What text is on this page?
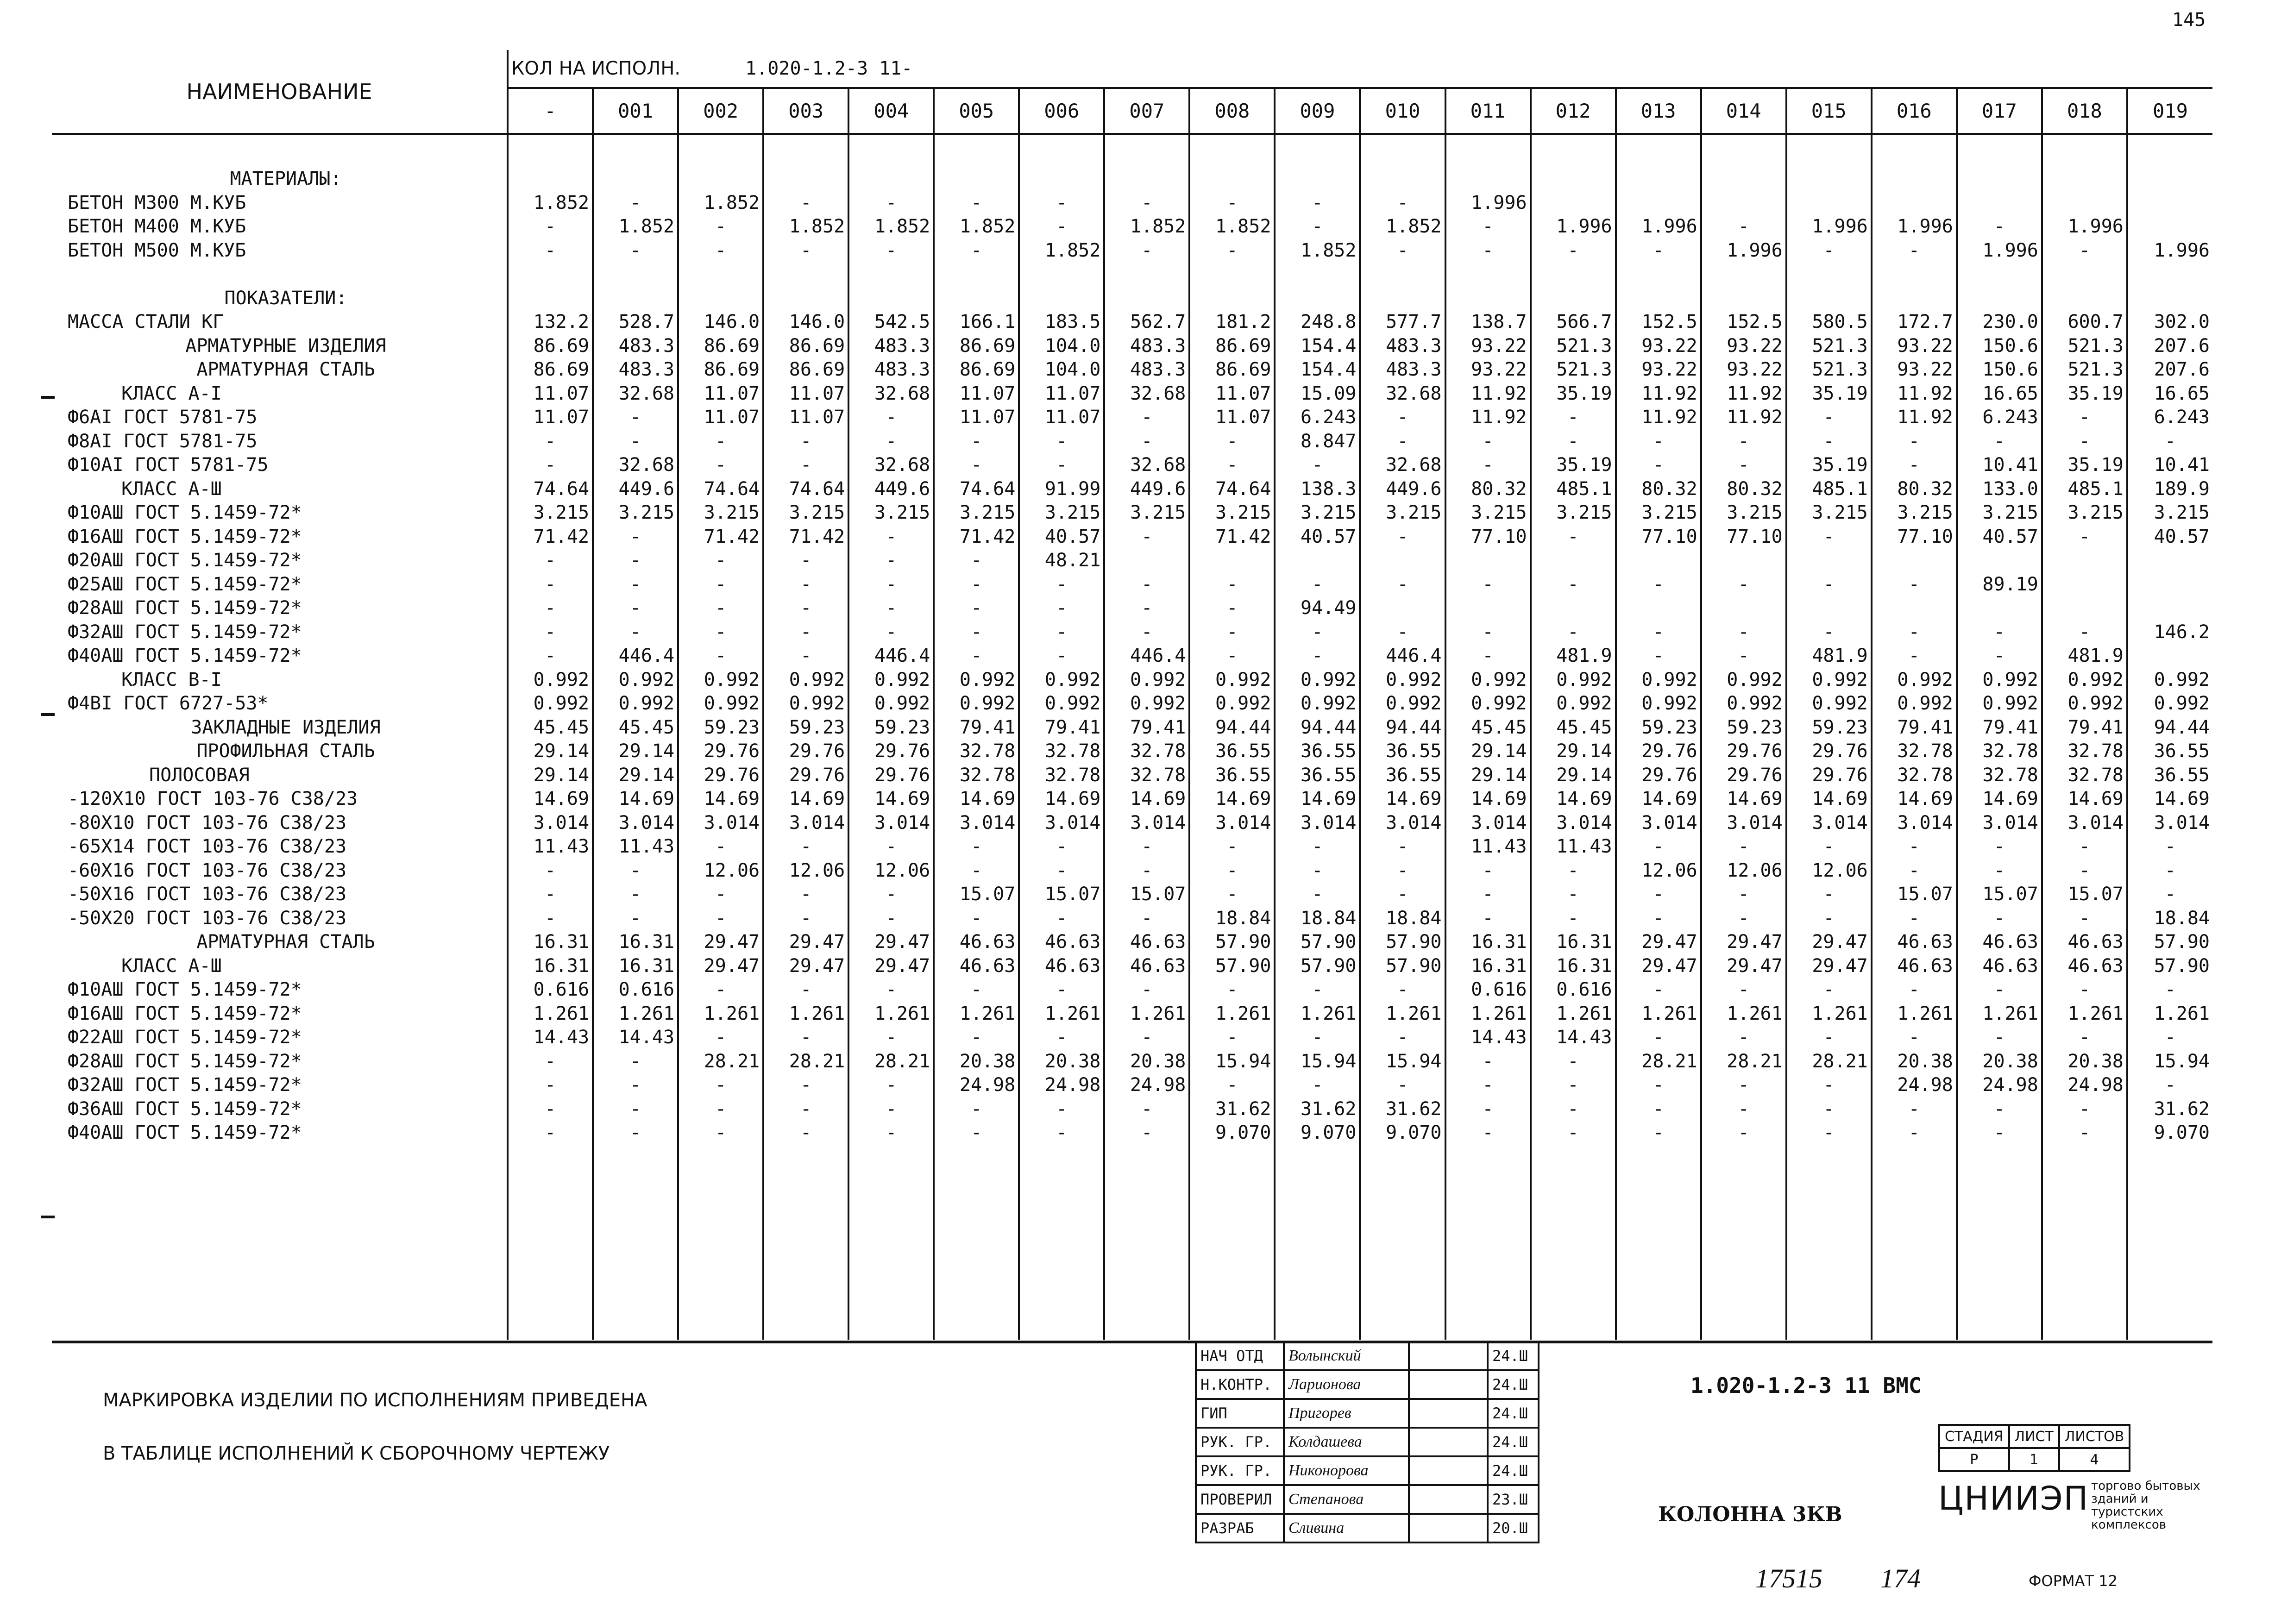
145
НАИМЕНОВАНИЕ	КОЛ НА ИСПОЛН. 1.020-1.2-3 11-																			
	-	001	002	003	004	005	006	007	008	009	010	011	012	013	014	015	016	017	018	019

МАТЕРИАЛЫ:																				
БЕТОН М300 М.КУБ	1.852	-	1.852	-	-	-	-	-	-	-	-	1.996								
БЕТОН М400 М.КУБ	-	1.852	-	1.852	1.852	1.852	-	1.852	1.852	-	1.852	-	1.996	1.996	-	1.996	1.996	-	1.996	
БЕТОН М500 М.КУБ	-	-	-	-	-	-	1.852	-	-	1.852	-	-	-	-	1.996	-	-	1.996	-	1.996

ПОКАЗАТЕЛИ:																				
МАССА СТАЛИ КГ	132.2	528.7	146.0	146.0	542.5	166.1	183.5	562.7	181.2	248.8	577.7	138.7	566.7	152.5	152.5	580.5	172.7	230.0	600.7	302.0
АРМАТУРНЫЕ ИЗДЕЛИЯ	86.69	483.3	86.69	86.69	483.3	86.69	104.0	483.3	86.69	154.4	483.3	93.22	521.3	93.22	93.22	521.3	93.22	150.6	521.3	207.6
АРМАТУРНАЯ СТАЛЬ	86.69	483.3	86.69	86.69	483.3	86.69	104.0	483.3	86.69	154.4	483.3	93.22	521.3	93.22	93.22	521.3	93.22	150.6	521.3	207.6
КЛАСС А-I	11.07	32.68	11.07	11.07	32.68	11.07	11.07	32.68	11.07	15.09	32.68	11.92	35.19	11.92	11.92	35.19	11.92	16.65	35.19	16.65
Ф6АI ГОСТ 5781-75	11.07	-	11.07	11.07	-	11.07	11.07	-	11.07	6.243	-	11.92	-	11.92	11.92	-	11.92	6.243	-	6.243
Ф8АI ГОСТ 5781-75	-	-	-	-	-	-	-	-	-	8.847	-	-	-	-	-	-	-	-	-	-
Ф10АI ГОСТ 5781-75	-	32.68	-	-	32.68	-	-	32.68	-	-	32.68	-	35.19	-	-	35.19	-	10.41	35.19	10.41
КЛАСС А-Ш	74.64	449.6	74.64	74.64	449.6	74.64	91.99	449.6	74.64	138.3	449.6	80.32	485.1	80.32	80.32	485.1	80.32	133.0	485.1	189.9
Ф10АШ ГОСТ 5.1459-72*	3.215	3.215	3.215	3.215	3.215	3.215	3.215	3.215	3.215	3.215	3.215	3.215	3.215	3.215	3.215	3.215	3.215	3.215	3.215	3.215
Ф16АШ ГОСТ 5.1459-72*	71.42	-	71.42	71.42	-	71.42	40.57	-	71.42	40.57	-	77.10	-	77.10	77.10	-	77.10	40.57	-	40.57
Ф20АШ ГОСТ 5.1459-72*	-	-	-	-	-	-	48.21													
Ф25АШ ГОСТ 5.1459-72*	-	-	-	-	-	-	-	-	-	-	-	-	-	-	-	-	-	89.19		
Ф28АШ ГОСТ 5.1459-72*	-	-	-	-	-	-	-	-	-	94.49										
Ф32АШ ГОСТ 5.1459-72*	-	-	-	-	-	-	-	-	-	-	-	-	-	-	-	-	-	-	-	146.2
Ф40АШ ГОСТ 5.1459-72*	-	446.4	-	-	446.4	-	-	446.4	-	-	446.4	-	481.9	-	-	481.9	-	-	481.9	
КЛАСС В-I	0.992	0.992	0.992	0.992	0.992	0.992	0.992	0.992	0.992	0.992	0.992	0.992	0.992	0.992	0.992	0.992	0.992	0.992	0.992	0.992
Ф4ВI ГОСТ 6727-53*	0.992	0.992	0.992	0.992	0.992	0.992	0.992	0.992	0.992	0.992	0.992	0.992	0.992	0.992	0.992	0.992	0.992	0.992	0.992	0.992
ЗАКЛАДНЫЕ ИЗДЕЛИЯ	45.45	45.45	59.23	59.23	59.23	79.41	79.41	79.41	94.44	94.44	94.44	45.45	45.45	59.23	59.23	59.23	79.41	79.41	79.41	94.44
ПРОФИЛЬНАЯ СТАЛЬ	29.14	29.14	29.76	29.76	29.76	32.78	32.78	32.78	36.55	36.55	36.55	29.14	29.14	29.76	29.76	29.76	32.78	32.78	32.78	36.55
ПОЛОСОВАЯ	29.14	29.14	29.76	29.76	29.76	32.78	32.78	32.78	36.55	36.55	36.55	29.14	29.14	29.76	29.76	29.76	32.78	32.78	32.78	36.55
-120Х10 ГОСТ 103-76 С38/23	14.69	14.69	14.69	14.69	14.69	14.69	14.69	14.69	14.69	14.69	14.69	14.69	14.69	14.69	14.69	14.69	14.69	14.69	14.69	14.69
-80Х10 ГОСТ 103-76 С38/23	3.014	3.014	3.014	3.014	3.014	3.014	3.014	3.014	3.014	3.014	3.014	3.014	3.014	3.014	3.014	3.014	3.014	3.014	3.014	3.014
-65Х14 ГОСТ 103-76 С38/23	11.43	11.43	-	-	-	-	-	-	-	-	-	11.43	11.43	-	-	-	-	-	-	-
-60Х16 ГОСТ 103-76 С38/23	-	-	12.06	12.06	12.06	-	-	-	-	-	-	-	-	12.06	12.06	12.06	-	-	-	-
-50Х16 ГОСТ 103-76 С38/23	-	-	-	-	-	15.07	15.07	15.07	-	-	-	-	-	-	-	-	15.07	15.07	15.07	-
-50Х20 ГОСТ 103-76 С38/23	-	-	-	-	-	-	-	-	18.84	18.84	18.84	-	-	-	-	-	-	-	-	18.84
АРМАТУРНАЯ СТАЛЬ	16.31	16.31	29.47	29.47	29.47	46.63	46.63	46.63	57.90	57.90	57.90	16.31	16.31	29.47	29.47	29.47	46.63	46.63	46.63	57.90
КЛАСС А-Ш	16.31	16.31	29.47	29.47	29.47	46.63	46.63	46.63	57.90	57.90	57.90	16.31	16.31	29.47	29.47	29.47	46.63	46.63	46.63	57.90
Ф10АШ ГОСТ 5.1459-72*	0.616	0.616	-	-	-	-	-	-	-	-	-	0.616	0.616	-	-	-	-	-	-	-
Ф16АШ ГОСТ 5.1459-72*	1.261	1.261	1.261	1.261	1.261	1.261	1.261	1.261	1.261	1.261	1.261	1.261	1.261	1.261	1.261	1.261	1.261	1.261	1.261	1.261
Ф22АШ ГОСТ 5.1459-72*	14.43	14.43	-	-	-	-	-	-	-	-	-	14.43	14.43	-	-	-	-	-	-	-
Ф28АШ ГОСТ 5.1459-72*	-	-	28.21	28.21	28.21	20.38	20.38	20.38	15.94	15.94	15.94	-	-	28.21	28.21	28.21	20.38	20.38	20.38	15.94
Ф32АШ ГОСТ 5.1459-72*	-	-	-	-	-	24.98	24.98	24.98	-	-	-	-	-	-	-	-	24.98	24.98	24.98	-
Ф36АШ ГОСТ 5.1459-72*	-	-	-	-	-	-	-	-	31.62	31.62	31.62	-	-	-	-	-	-	-	-	31.62
Ф40АШ ГОСТ 5.1459-72*	-	-	-	-	-	-	-	-	9.070	9.070	9.070	-	-	-	-	-	-	-	-	9.070

МАРКИРОВКА ИЗДЕЛИИ ПО ИСПОЛНЕНИЯМ ПРИВЕДЕНА
В ТАБЛИЦЕ ИСПОЛНЕНИЙ К СБОРОЧНОМУ ЧЕРТЕЖУ
НАЧ ОТД	Волынский		24.Ш
Н.КОНТР.	Ларионова		24.Ш
ГИП	Пригорев		24.Ш
РУК. ГР.	Колдашева		24.Ш
РУК. ГР.	Никонорова		24.Ш
ПРОВЕРИЛ	Степанова		23.Ш
РАЗРАБ	Сливина		20.Ш
1.020-1.2-3 11 ВМС
КОЛОННА 3КВ
СТАДИЯ	ЛИСТ	ЛИСТОВ
Р	1	4
ЦНИИЭП торгово бытовых зданий и туристских комплексов
17515 174	ФОРМАТ 12
